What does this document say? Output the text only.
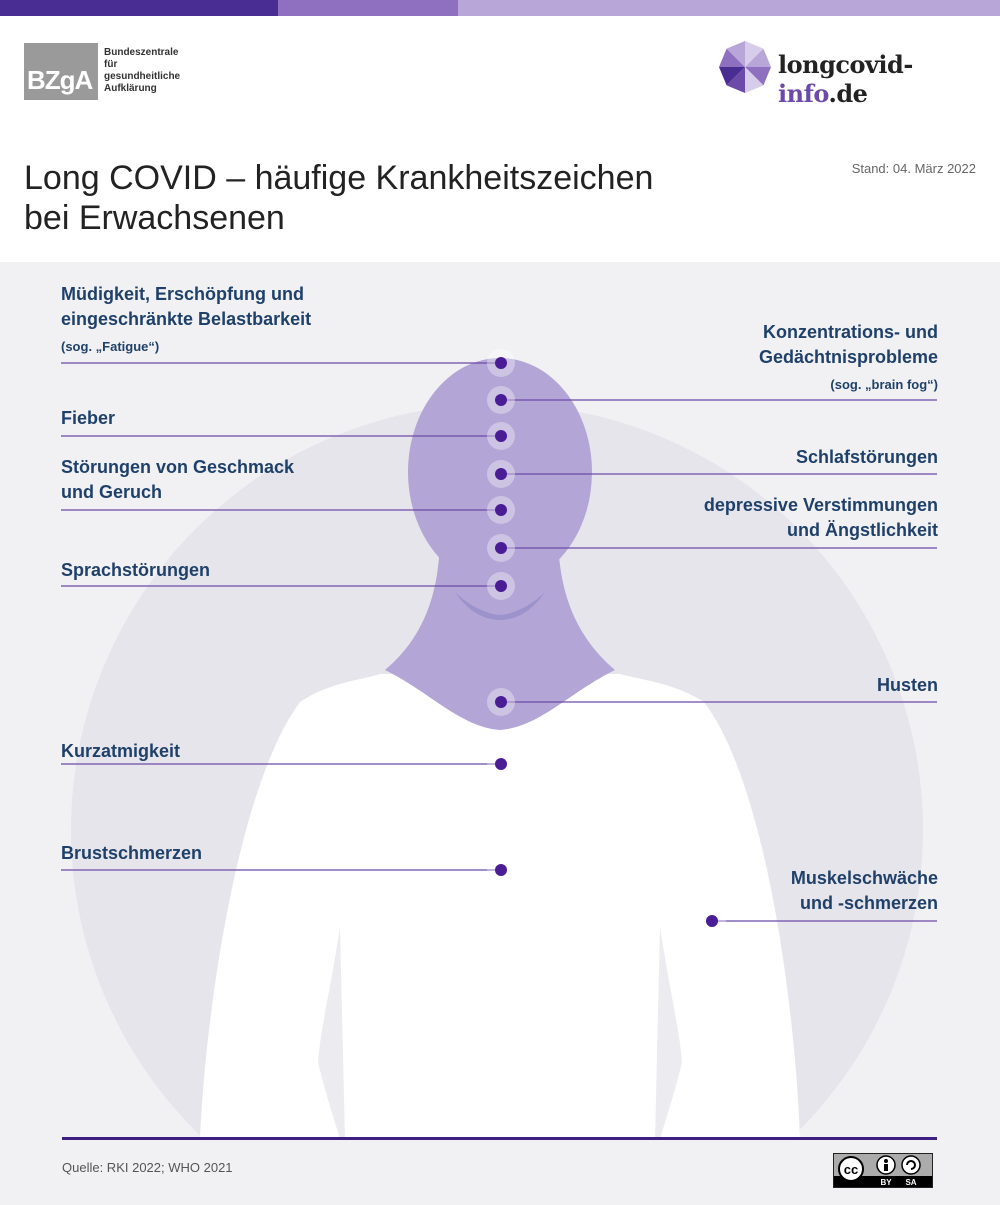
BZgA
Bundeszentrale
für
gesundheitliche
Aufklärung
longcovid-info.de
Long COVID – häufige Krankheitszeichen
bei Erwachsenen
Stand: 04. März 2022
Müdigkeit, Erschöpfung und
eingeschränkte Belastbarkeit
(sog. „Fatigue“)
Konzentrations- und
Gedächtnisprobleme
(sog. „brain fog“)
Fieber
Schlafstörungen
Störungen von Geschmack
und Geruch
depressive Verstimmungen
und Ängstlichkeit
Sprachstörungen
Husten
Kurzatmigkeit
Brustschmerzen
Muskelschwäche
und -schmerzen
Quelle: RKI 2022; WHO 2021	cc
BY SA
